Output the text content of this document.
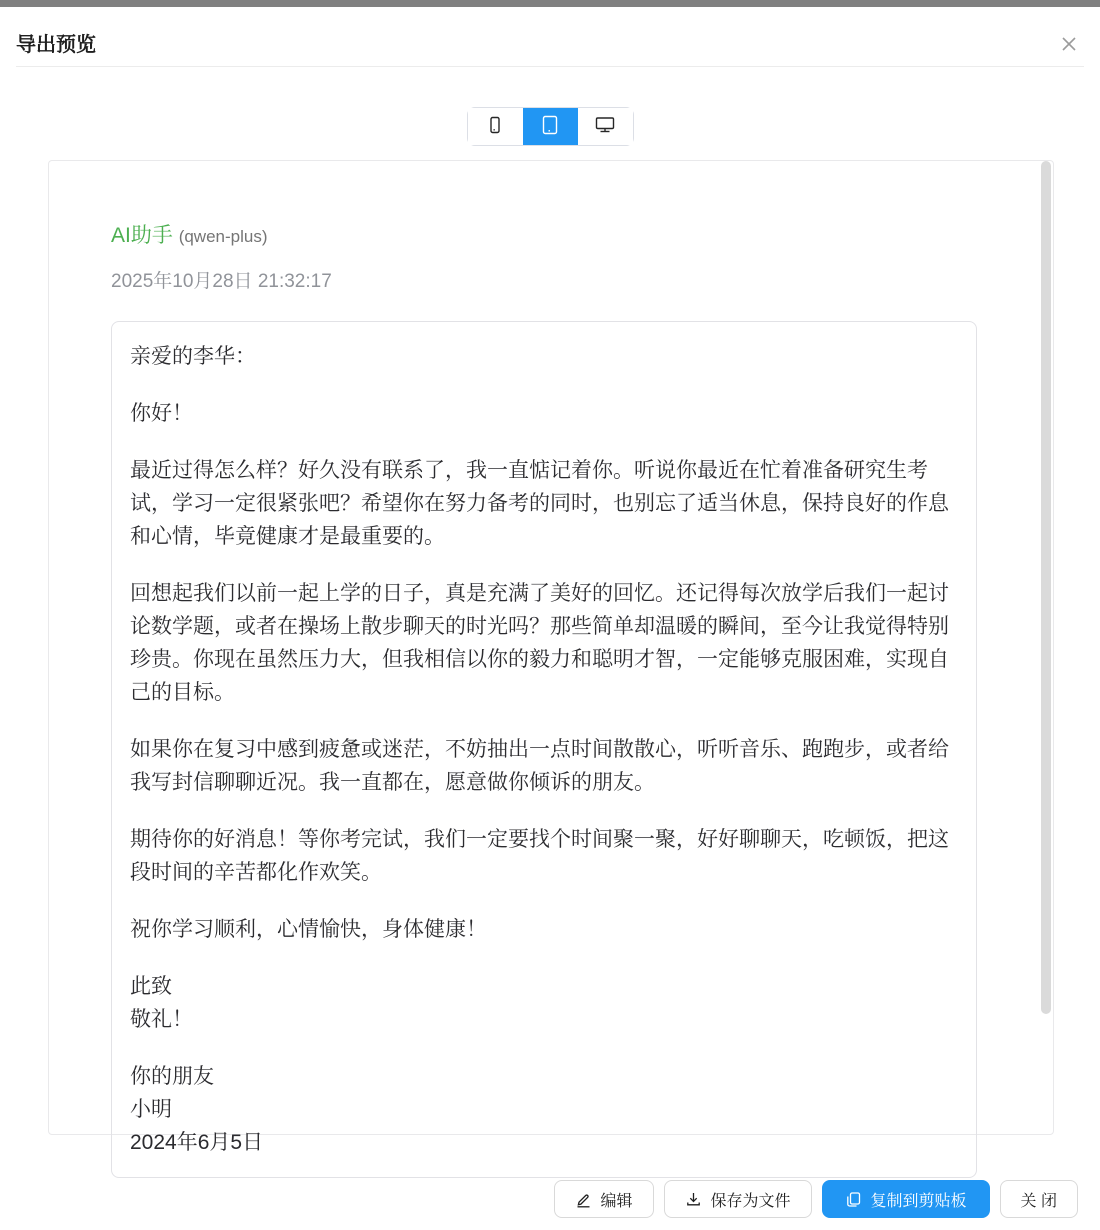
导出预览
AI助手 (qwen-plus)
2025年10月28日 21:32:17

亲爱的李华：

你好！

最近过得怎么样？好久没有联系了，我一直惦记着你。听说你最近在忙着准备研究生考试，学习一定很紧张吧？希望你在努力备考的同时，也别忘了适当休息，保持良好的作息和心情，毕竟健康才是最重要的。

回想起我们以前一起上学的日子，真是充满了美好的回忆。还记得每次放学后我们一起讨论数学题，或者在操场上散步聊天的时光吗？那些简单却温暖的瞬间，至今让我觉得特别珍贵。你现在虽然压力大，但我相信以你的毅力和聪明才智，一定能够克服困难，实现自己的目标。

如果你在复习中感到疲惫或迷茫，不妨抽出一点时间散散心，听听音乐、跑跑步，或者给我写封信聊聊近况。我一直都在，愿意做你倾诉的朋友。

期待你的好消息！等你考完试，我们一定要找个时间聚一聚，好好聊聊天，吃顿饭，把这段时间的辛苦都化作欢笑。

祝你学习顺利，心情愉快，身体健康！

此致
敬礼！
你的朋友
小明
2024年6月5日
编辑	保存为文件	复制到剪贴板	关 闭
